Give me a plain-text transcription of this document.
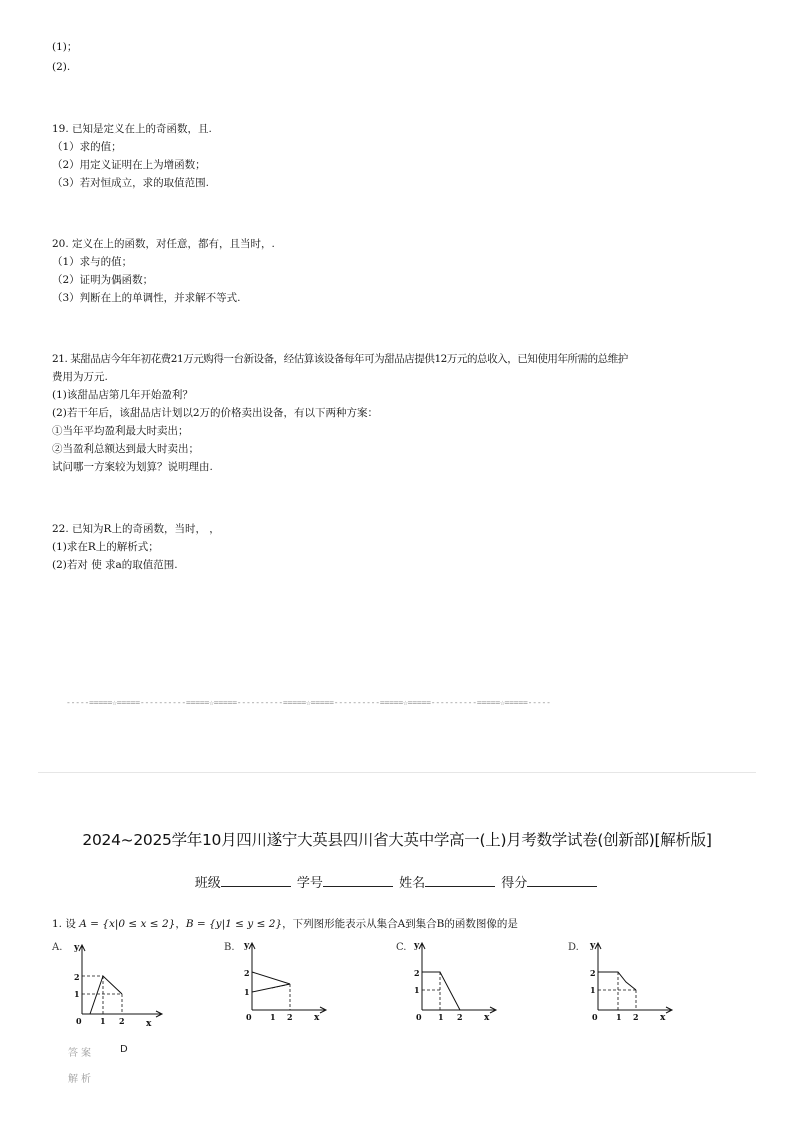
(1)；
(2).
19. 已知是定义在上的奇函数，且.
（1）求的值；
（2）用定义证明在上为增函数；
（3）若对恒成立，求的取值范围.
20. 定义在上的函数，对任意，都有，且当时，.
（1）求与的值；
（2）证明为偶函数；
（3）判断在上的单调性，并求解不等式.
21. 某甜品店今年年初花费21万元购得一台新设备，经估算该设备每年可为甜品店提供12万元的总收入，已知使用年所需的总维护
费用为万元.
(1)该甜品店第几年开始盈利？
(2)若干年后，该甜品店计划以2万的价格卖出设备，有以下两种方案：
①当年平均盈利最大时卖出；
②当盈利总额达到最大时卖出；
试问哪一方案较为划算？说明理由.
22. 已知为R上的奇函数，当时， ，
(1)求在R上的解析式；
(2)若对 使 求a的取值范围.
-----=====☆=====----------=====☆=====----------=====☆=====----------=====☆=====----------=====☆=====-----
2024~2025学年10月四川遂宁大英县四川省大英中学高一(上)月考数学试卷(创新部)[解析版]
班级	学号	姓名	得分
1. 设 A = {x|0 ≤ x ≤ 2}，B = {y|1 ≤ y ≤ 2}，下列图形能表示从集合A到集合B的函数图像的是
A.
2
1
1 2
0
y
x
B.
2
1
1 2
0
y
x
C.
2
1
1 2
0
y
x
D.
2
1
1 2
0
y
x
答案	D
解析
